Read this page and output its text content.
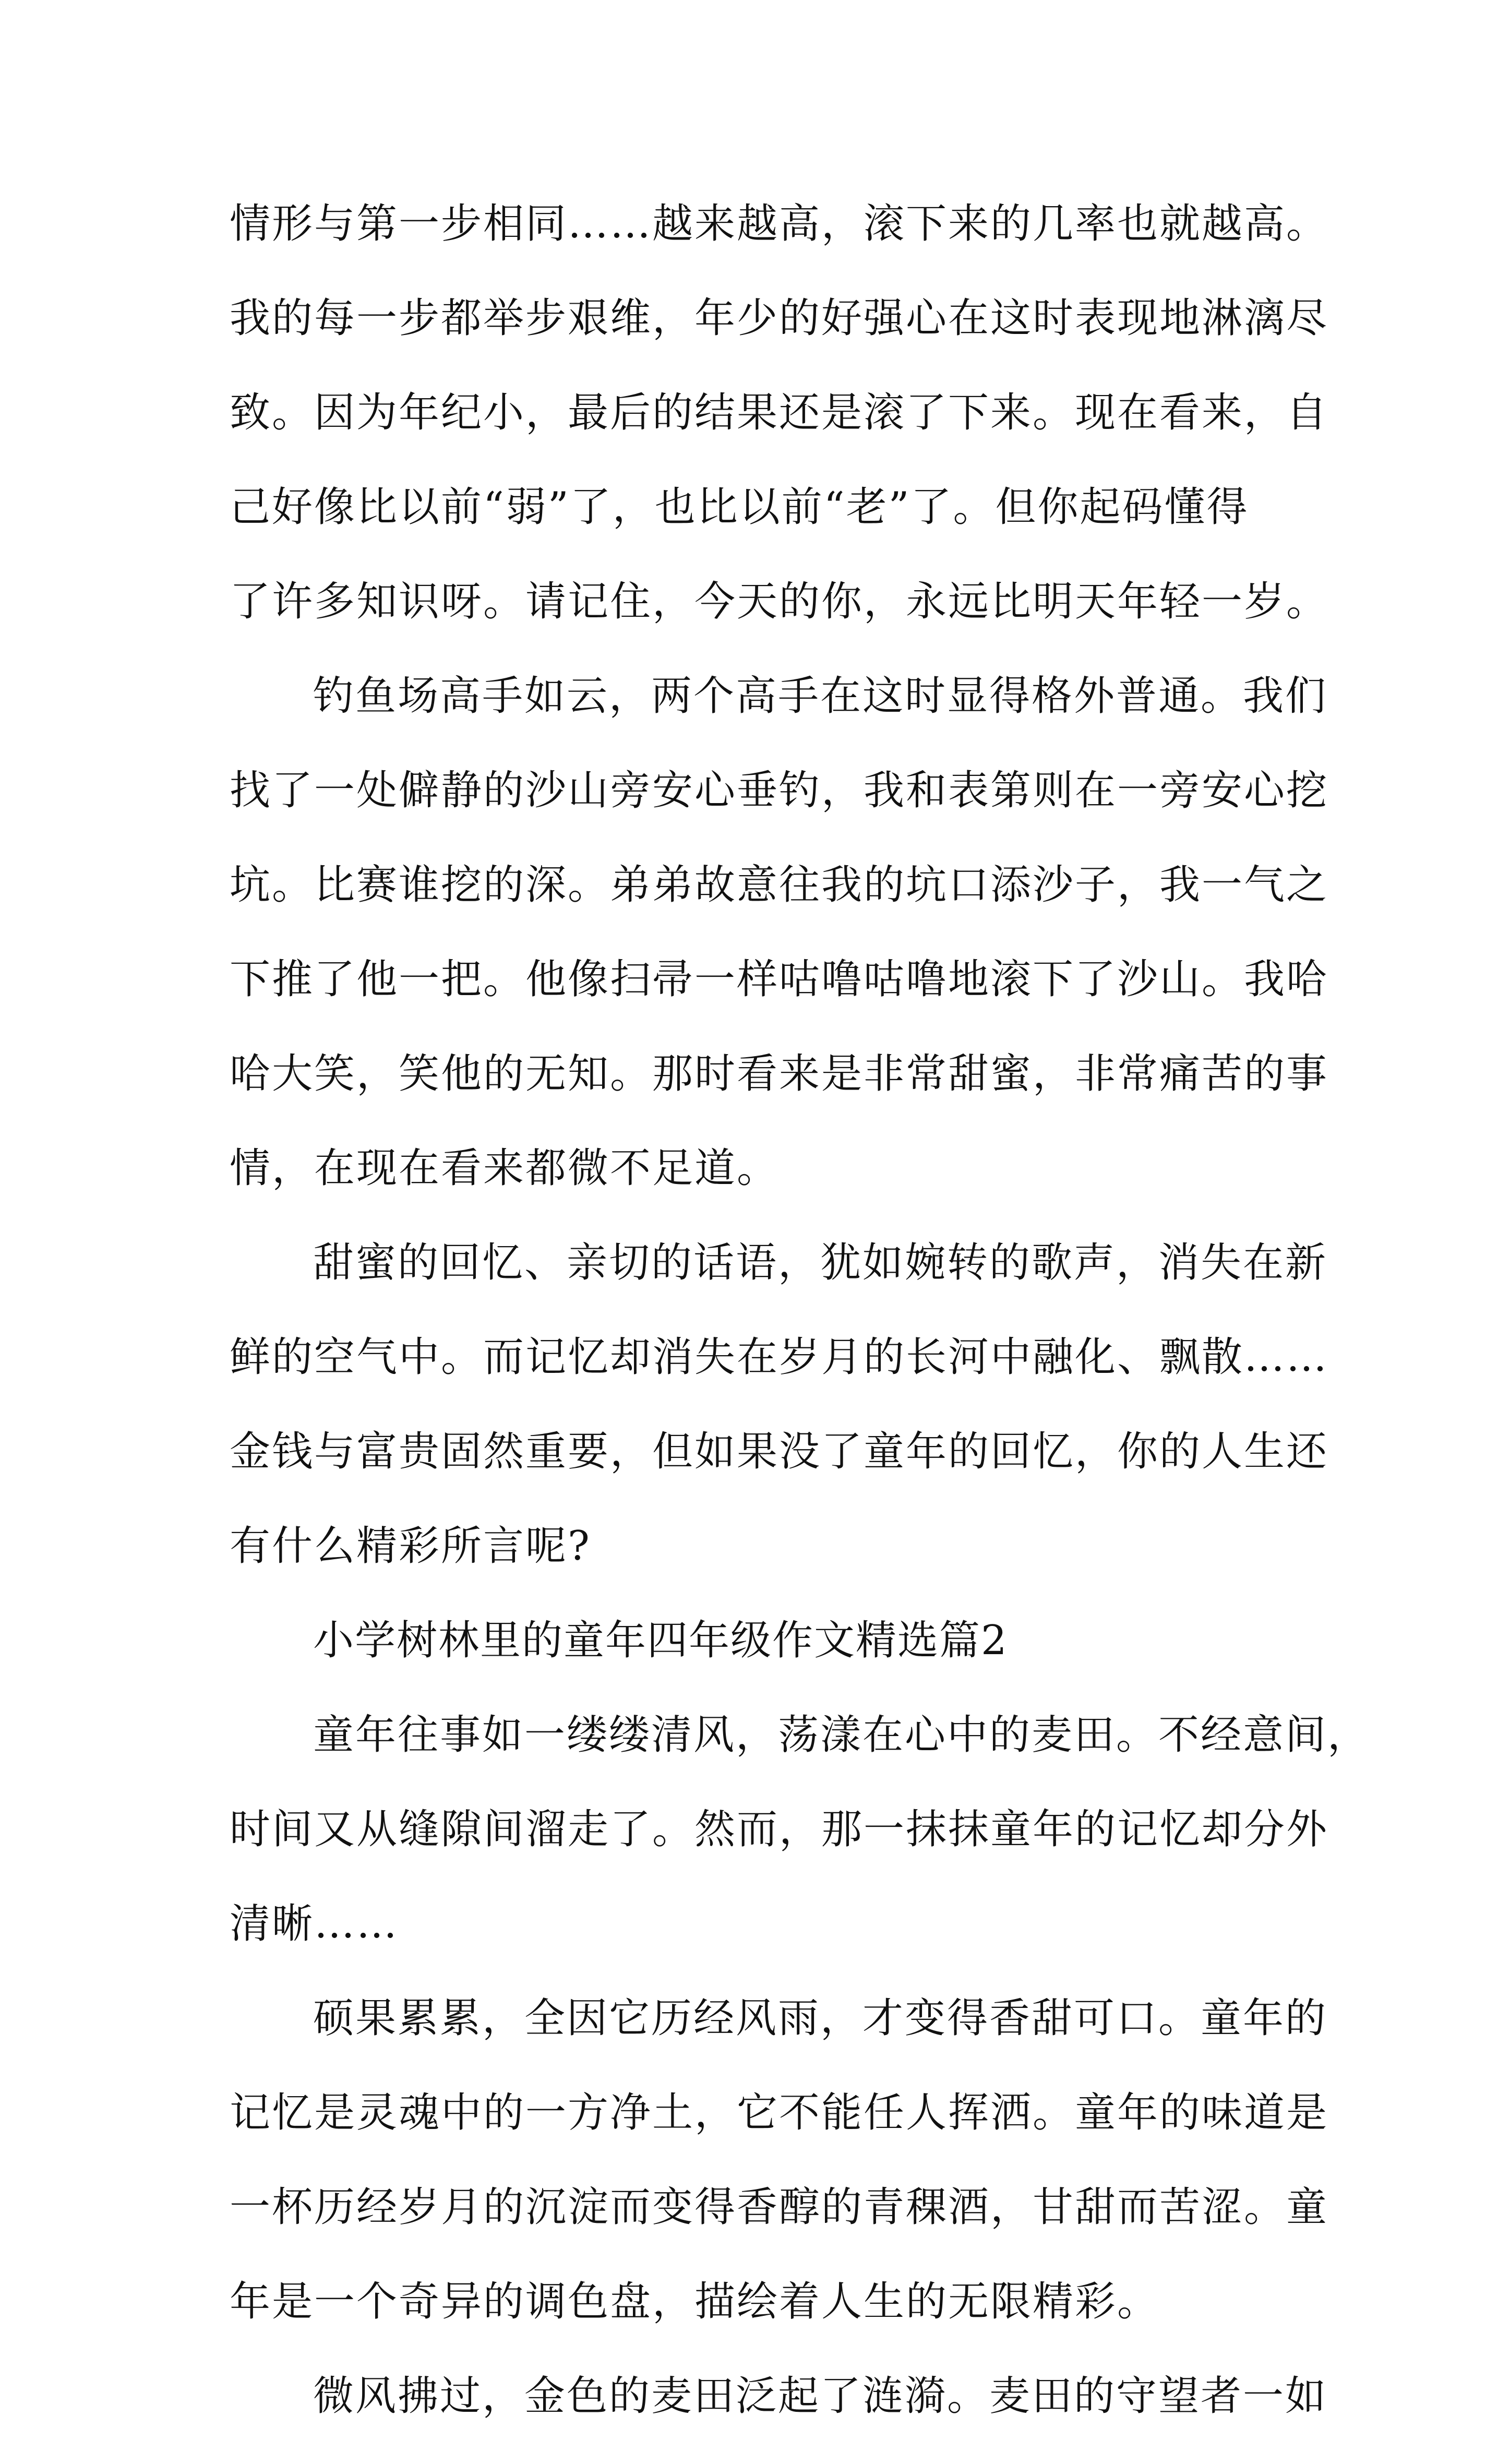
情形与第一步相同……越来越高，滚下来的几率也就越高。
我的每一步都举步艰维，年少的好强心在这时表现地淋漓尽
致。因为年纪小，最后的结果还是滚了下来。现在看来，自
己好像比以前“弱”了，也比以前“老”了。但你起码懂得
了许多知识呀。请记住，今天的你，永远比明天年轻一岁。
钓鱼场高手如云，两个高手在这时显得格外普通。我们
找了一处僻静的沙山旁安心垂钓，我和表第则在一旁安心挖
坑。比赛谁挖的深。弟弟故意往我的坑口添沙子，我一气之
下推了他一把。他像扫帚一样咕噜咕噜地滚下了沙山。我哈
哈大笑，笑他的无知。那时看来是非常甜蜜，非常痛苦的事
情，在现在看来都微不足道。
甜蜜的回忆、亲切的话语，犹如婉转的歌声，消失在新
鲜的空气中。而记忆却消失在岁月的长河中融化、飘散……
金钱与富贵固然重要，但如果没了童年的回忆，你的人生还
有什么精彩所言呢?
小学树林里的童年四年级作文精选篇2
童年往事如一缕缕清风，荡漾在心中的麦田。不经意间，
时间又从缝隙间溜走了。然而，那一抹抹童年的记忆却分外
清晰……
硕果累累，全因它历经风雨，才变得香甜可口。童年的
记忆是灵魂中的一方净土，它不能任人挥洒。童年的味道是
一杯历经岁月的沉淀而变得香醇的青稞酒，甘甜而苦涩。童
年是一个奇异的调色盘，描绘着人生的无限精彩。
微风拂过，金色的麦田泛起了涟漪。麦田的守望者一如
